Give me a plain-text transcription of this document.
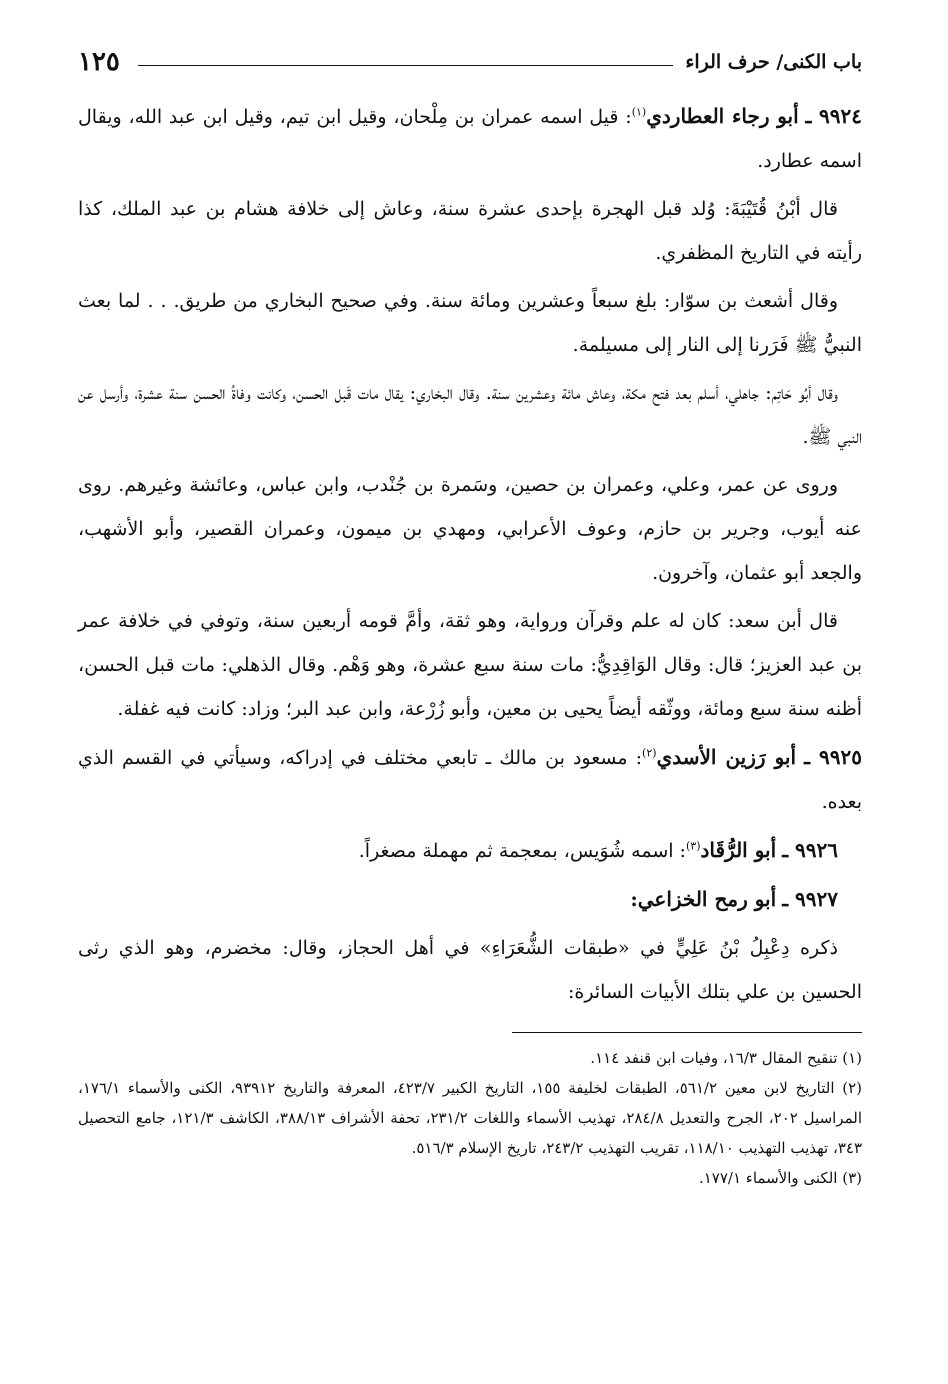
باب الكنى/ حرف الراء
١٢٥

٩٩٢٤ ـ أبو رجاء العطاردي$^{(١)}$: قيل اسمه عمران بن مِلْحان، وقيل ابن تيم، وقيل ابن عبد الله، ويقال اسمه عطارد.

قال أبْنُ قُتَيْبَةَ: وُلد قبل الهجرة بإحدى عشرة سنة، وعاش إلى خلافة هشام بن عبد الملك، كذا رأيته في التاريخ المظفري.

وقال أشعث بن سوّار: بلغ سبعاً وعشرين ومائة سنة. وفي صحيح البخاري من طريق. . . لما بعث النبيُّ ﷺ فَرَرنا إلى النار إلى مسيلمة.

وقال أبُو حَاتِم: جاهلي، أسلم بعد فتح مكة، وعاش مائة وعشرين سنة. وقال البخاري: يقال مات قَبل الحسن، وكانت وفاةُ الحسن سنة عشرة، وأرسل عن النبي ﷺ.

وروى عن عمر، وعلي، وعمران بن حصين، وسَمرة بن جُنْدب، وابن عباس، وعائشة وغيرهم. روى عنه أيوب، وجرير بن حازم، وعوف الأعرابي، ومهدي بن ميمون، وعمران القصير، وأبو الأشهب، والجعد أبو عثمان، وآخرون.

قال أبن سعد: كان له علم وقرآن ورواية، وهو ثقة، وأمَّ قومه أربعين سنة، وتوفي في خلافة عمر بن عبد العزيز؛ قال: وقال الوَاقِدِيُّ: مات سنة سبع عشرة، وهو وَهْم. وقال الذهلي: مات قبل الحسن، أظنه سنة سبع ومائة، ووثّقه أيضاً يحيى بن معين، وأبو زُرْعة، وابن عبد البر؛ وزاد: كانت فيه غفلة.

٩٩٢٥ ـ أبو رَزين الأسدي$^{(٢)}$: مسعود بن مالك ـ تابعي مختلف في إدراكه، وسيأتي في القسم الذي بعده.

٩٩٢٦ ـ أبو الرُّقَاد$^{(٣)}$: اسمه شُوَيس، بمعجمة ثم مهملة مصغراً.

٩٩٢٧ ـ أبو رمح الخزاعي:

ذكره دِعْبِلُ بْنُ عَلِيٍّ في «طبقات الشُّعَرَاءِ» في أهل الحجاز، وقال: مخضرم، وهو الذي رثى الحسين بن علي بتلك الأبيات السائرة:

(١) تنقيح المقال ١٦/٣، وفيات ابن قنفد ١١٤.

(٢) التاريخ لابن معين ٥٦١/٢، الطبقات لخليفة ١٥٥، التاريخ الكبير ٤٢٣/٧، المعرفة والتاريخ ٩٣٩١٢، الكنى والأسماء ١٧٦/١، المراسيل ٢٠٢، الجرح والتعديل ٢٨٤/٨، تهذيب الأسماء واللغات ٢٣١/٢، تحفة الأشراف ٣٨٨/١٣، الكاشف ١٢١/٣، جامع التحصيل ٣٤٣، تهذيب التهذيب ١١٨/١٠، تقريب التهذيب ٢٤٣/٢، تاريخ الإسلام ٥١٦/٣.

(٣) الكنى والأسماء ١٧٧/١.
